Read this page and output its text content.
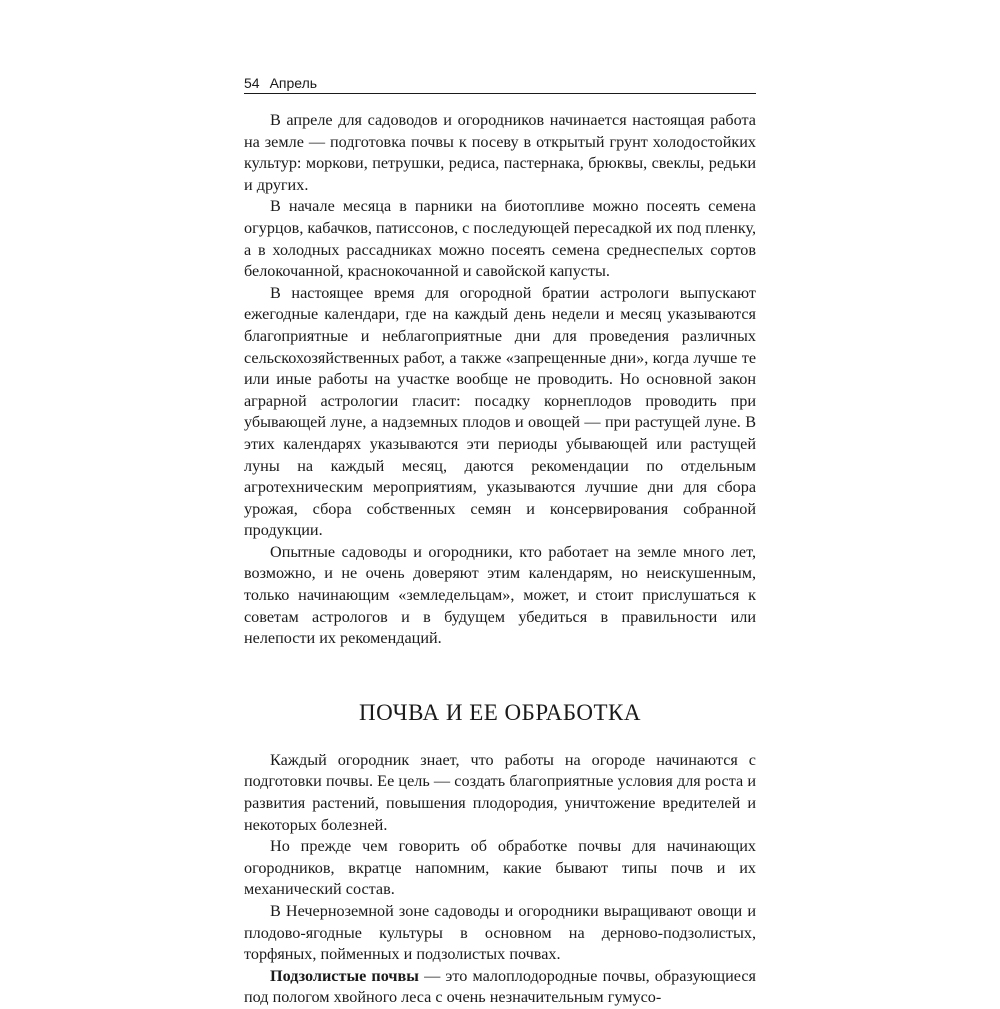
54 Апрель

В апреле для садоводов и огородников начинается настоящая работа на земле — подготовка почвы к посеву в открытый грунт холодостойких культур: моркови, петрушки, редиса, пастернака, брюквы, свеклы, редьки и других.

В начале месяца в парники на биотопливе можно посеять семена огурцов, кабачков, патиссонов, с последующей пересадкой их под пленку, а в холодных рассадниках можно посеять семена среднеспелых сортов белокочанной, краснокочанной и савойской капусты.

В настоящее время для огородной братии астрологи выпускают ежегодные календари, где на каждый день недели и месяц указываются благоприятные и неблагоприятные дни для проведения различных сельскохозяйственных работ, а также «запрещенные дни», когда лучше те или иные работы на участке вообще не проводить. Но основной закон аграрной астрологии гласит: посадку корнеплодов проводить при убывающей луне, а надземных плодов и овощей — при растущей луне. В этих календарях указываются эти периоды убывающей или растущей луны на каждый месяц, даются рекомендации по отдельным агротехническим мероприятиям, указываются лучшие дни для сбора урожая, сбора собственных семян и консервирования собранной продукции.

Опытные садоводы и огородники, кто работает на земле много лет, возможно, и не очень доверяют этим календарям, но неискушенным, только начинающим «земледельцам», может, и стоит прислушаться к советам астрологов и в будущем убедиться в правильности или нелепости их рекомендаций.

ПОЧВА И ЕЕ ОБРАБОТКА

Каждый огородник знает, что работы на огороде начинаются с подготовки почвы. Ее цель — создать благоприятные условия для роста и развития растений, повышения плодородия, уничтожение вредителей и некоторых болезней.

Но прежде чем говорить об обработке почвы для начинающих огородников, вкратце напомним, какие бывают типы почв и их механический состав.

В Нечерноземной зоне садоводы и огородники выращивают овощи и плодово-ягодные культуры в основном на дерново-подзолистых, торфяных, пойменных и подзолистых почвах.

Подзолистые почвы — это малоплодородные почвы, образующиеся под пологом хвойного леса с очень незначительным гумусо-
